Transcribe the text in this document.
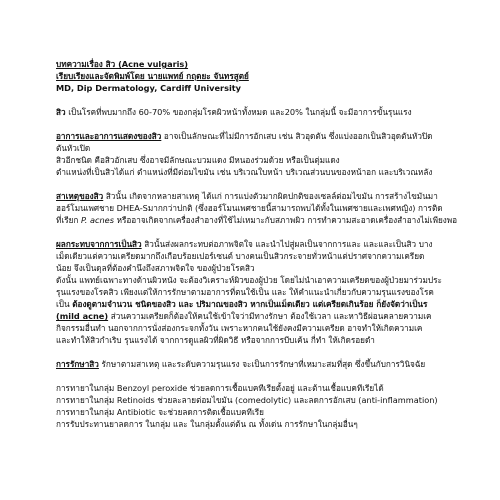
บทความเรื่อง สิว (Acne vulgaris)
เรียบเรียงและจัดพิมพ์โดย นายแพทย์ กฤตยะ จันทรสูตย์
MD, Dip Dermatology, Cardiff University
สิว เป็นโรคที่พบมากถึง 60-70% ของกลุ่มโรคผิวหน้าทั้งหมด และ20% ในกลุ่มนี้ จะมีอาการขั้นรุนแรง
อาการและอาการแสดงของสิว อาจเป็นลักษณะที่ไม่มีการอักเสบ เช่น สิวอุดตัน ซึ่งแบ่งออกเป็นสิวอุดตันหัวปิด
ตันหัวเปิด
สิวอีกชนิด คือสิวอักเสบ ซึ่งอาจมีลักษณะบวมแดง มีหนองร่วมด้วย หรือเป็นตุ่มแดง
ตำแหน่งที่เป็นสิวได้แก่ ตำแหน่งที่มีต่อมไขมัน เช่น บริเวณใบหน้า บริเวณส่วนบนของหน้าอก และบริเวณหลัง
สาเหตุของสิว สิวนั้น เกิดจากหลายสาเหตุ ได้แก่ การแบ่งตัวมากผิดปกติของเซลล์ต่อมไขมัน การสร้างไขมันมา
ฮอร์โมนเพศชาย DHEA-Sมากกว่าปกติ (ซึ่งฮอร์โมนเพศชายนี้สามารถพบได้ทั้งในเพศชายและเพศหญิง) การติด
ที่เรียก P. acnes หรืออาจเกิดจากเครื่องสำอางที่ใช้ไม่เหมาะกับสภาพผิว การทำความสะอาดเครื่องสำอางไม่เพียงพอ
ผลกระทบจากการเป็นสิว สิวนั้นส่งผลกระทบต่อภาพจิตใจ และนำไปสู่ผลเป็นจากการและ และและเป็นสิว บาง
เม็ดเดียวแต่ความเครียดมากถึงเกือบร้อยเปอร์เซนต์ บางคนเป็นสิวกระจายทั่วหน้าแต่ปราศจากความเครียด
น้อย จึงเป็นดุลที่ต้องคำนึงถึงสภาพจิตใจ ของผู้ป่วยโรคสิว
ดังนั้น แพทย์เฉพาะทางด้านผิวหนัง จะต้องวิเคราะห์ผิวของผู้ป่วย โดยไม่นำเอาความเครียดของผู้ป่วยมาร่วมประ
รุนแรงของโรคสิว เพียงแต่ให้การรักษาตามอาการที่ตนใช้เป็น และ ให้คำแนะนำเกี่ยวกับความรุนแรงของโรค
เป็น ต้องดูตามจำนวน ชนิดของสิว และ ปริมาณของสิว หากเป็นเม็ดเดียว แต่เครียดเกินร้อย ก็ยังจัดว่าเป็นร
(mild acne) ส่วนความเครียดก็ต้องให้คนใช้เข้าใจว่ามีทางรักษา ต้องใช้เวลา และหาวิธีผ่อนคลายความเค
กิจกรรมอื่นทำ นอกจากการนั่งส่องกระจกทั้งวัน เพราะหากคนใช้ยังคงมีความเครียด อาจทำให้เกิดความเค
และทำให้สิวกำเริบ รุนแรงได้ จากการดูแลผิวที่ผิดวิธี หรือจากการบีบเค้น กี่ทำ ให้เกิดรอยดำ
การรักษาสิว รักษาตามสาเหตุ และระดับความรุนแรง จะเป็นการรักษาที่เหมาะสมที่สุด ซึ่งขึ้นกับการวินิจฉัย
การทายาในกลุ่ม Benzoyl peroxide ช่วยลดการเชื้อแบคทีเรียตั้งอยู่ และต้านเชื้อแบคทีเรียได้
การทายาในกลุ่ม Retinoids ช่วยละลายต่อมไขมัน (comedolytic) และลดการอักเสบ (anti-inflammation)
การทายาในกลุ่ม Antibiotic จะช่วยลดการติดเชื้อแบคทีเรีย
การรับประทานยาลดการ ในกลุ่ม และ ในกลุ่มตั้งแต่ต้น ณ ทั้งเด่น การรักษาในกลุ่มอื่นๆ
